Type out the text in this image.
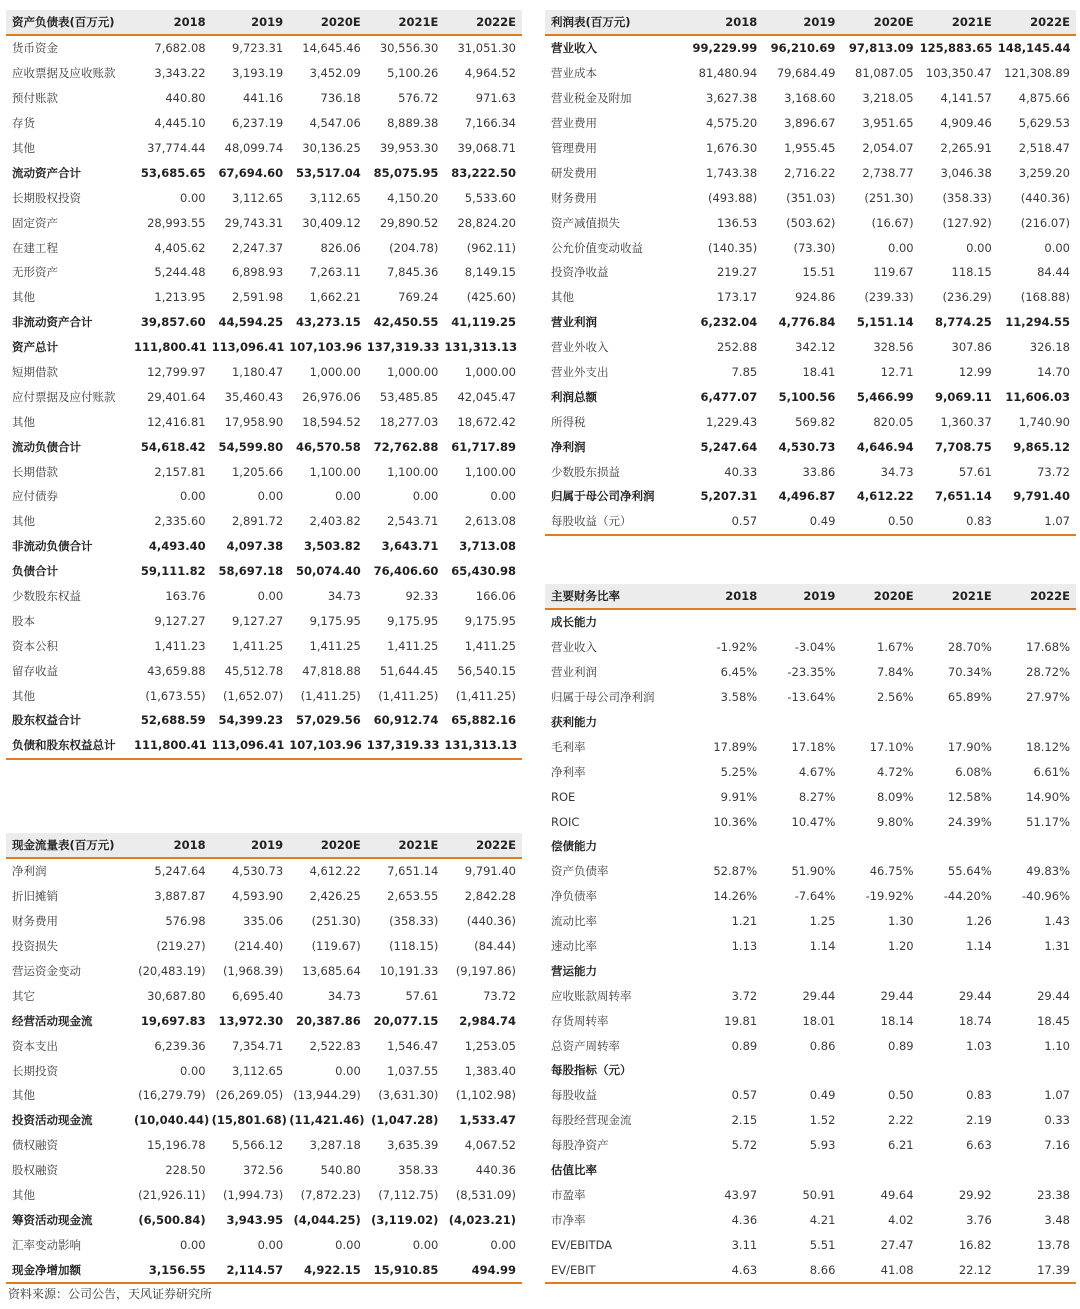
资产负债表(百万元)	2018	2019	2020E	2021E	2022E
货币资金	7,682.08	9,723.31	14,645.46	30,556.30	31,051.30
应收票据及应收账款	3,343.22	3,193.19	3,452.09	5,100.26	4,964.52
预付账款	440.80	441.16	736.18	576.72	971.63
存货	4,445.10	6,237.19	4,547.06	8,889.38	7,166.34
其他	37,774.44	48,099.74	30,136.25	39,953.30	39,068.71
流动资产合计	53,685.65	67,694.60	53,517.04	85,075.95	83,222.50
长期股权投资	0.00	3,112.65	3,112.65	4,150.20	5,533.60
固定资产	28,993.55	29,743.31	30,409.12	29,890.52	28,824.20
在建工程	4,405.62	2,247.37	826.06	(204.78)	(962.11)
无形资产	5,244.48	6,898.93	7,263.11	7,845.36	8,149.15
其他	1,213.95	2,591.98	1,662.21	769.24	(425.60)
非流动资产合计	39,857.60	44,594.25	43,273.15	42,450.55	41,119.25
资产总计	111,800.41	113,096.41	107,103.96	137,319.33	131,313.13
短期借款	12,799.97	1,180.47	1,000.00	1,000.00	1,000.00
应付票据及应付账款	29,401.64	35,460.43	26,976.06	53,485.85	42,045.47
其他	12,416.81	17,958.90	18,594.52	18,277.03	18,672.42
流动负债合计	54,618.42	54,599.80	46,570.58	72,762.88	61,717.89
长期借款	2,157.81	1,205.66	1,100.00	1,100.00	1,100.00
应付债券	0.00	0.00	0.00	0.00	0.00
其他	2,335.60	2,891.72	2,403.82	2,543.71	2,613.08
非流动负债合计	4,493.40	4,097.38	3,503.82	3,643.71	3,713.08
负债合计	59,111.82	58,697.18	50,074.40	76,406.60	65,430.98
少数股东权益	163.76	0.00	34.73	92.33	166.06
股本	9,127.27	9,127.27	9,175.95	9,175.95	9,175.95
资本公积	1,411.23	1,411.25	1,411.25	1,411.25	1,411.25
留存收益	43,659.88	45,512.78	47,818.88	51,644.45	56,540.15
其他	(1,673.55)	(1,652.07)	(1,411.25)	(1,411.25)	(1,411.25)
股东权益合计	52,688.59	54,399.23	57,029.56	60,912.74	65,882.16
负债和股东权益总计	111,800.41	113,096.41	107,103.96	137,319.33	131,313.13
利润表(百万元)	2018	2019	2020E	2021E	2022E
营业收入	99,229.99	96,210.69	97,813.09	125,883.65	148,145.44
营业成本	81,480.94	79,684.49	81,087.05	103,350.47	121,308.89
营业税金及附加	3,627.38	3,168.60	3,218.05	4,141.57	4,875.66
营业费用	4,575.20	3,896.67	3,951.65	4,909.46	5,629.53
管理费用	1,676.30	1,955.45	2,054.07	2,265.91	2,518.47
研发费用	1,743.38	2,716.22	2,738.77	3,046.38	3,259.20
财务费用	(493.88)	(351.03)	(251.30)	(358.33)	(440.36)
资产减值损失	136.53	(503.62)	(16.67)	(127.92)	(216.07)
公允价值变动收益	(140.35)	(73.30)	0.00	0.00	0.00
投资净收益	219.27	15.51	119.67	118.15	84.44
其他	173.17	924.86	(239.33)	(236.29)	(168.88)
营业利润	6,232.04	4,776.84	5,151.14	8,774.25	11,294.55
营业外收入	252.88	342.12	328.56	307.86	326.18
营业外支出	7.85	18.41	12.71	12.99	14.70
利润总额	6,477.07	5,100.56	5,466.99	9,069.11	11,606.03
所得税	1,229.43	569.82	820.05	1,360.37	1,740.90
净利润	5,247.64	4,530.73	4,646.94	7,708.75	9,865.12
少数股东损益	40.33	33.86	34.73	57.61	73.72
归属于母公司净利润	5,207.31	4,496.87	4,612.22	7,651.14	9,791.40
每股收益（元）	0.57	0.49	0.50	0.83	1.07
现金流量表(百万元)	2018	2019	2020E	2021E	2022E
净利润	5,247.64	4,530.73	4,612.22	7,651.14	9,791.40
折旧摊销	3,887.87	4,593.90	2,426.25	2,653.55	2,842.28
财务费用	576.98	335.06	(251.30)	(358.33)	(440.36)
投资损失	(219.27)	(214.40)	(119.67)	(118.15)	(84.44)
营运资金变动	(20,483.19)	(1,968.39)	13,685.64	10,191.33	(9,197.86)
其它	30,687.80	6,695.40	34.73	57.61	73.72
经营活动现金流	19,697.83	13,972.30	20,387.86	20,077.15	2,984.74
资本支出	6,239.36	7,354.71	2,522.83	1,546.47	1,253.05
长期投资	0.00	3,112.65	0.00	1,037.55	1,383.40
其他	(16,279.79)	(26,269.05)	(13,944.29)	(3,631.30)	(1,102.98)
投资活动现金流	(10,040.44)	(15,801.68)	(11,421.46)	(1,047.28)	1,533.47
债权融资	15,196.78	5,566.12	3,287.18	3,635.39	4,067.52
股权融资	228.50	372.56	540.80	358.33	440.36
其他	(21,926.11)	(1,994.73)	(7,872.23)	(7,112.75)	(8,531.09)
筹资活动现金流	(6,500.84)	3,943.95	(4,044.25)	(3,119.02)	(4,023.21)
汇率变动影响	0.00	0.00	0.00	0.00	0.00
现金净增加额	3,156.55	2,114.57	4,922.15	15,910.85	494.99
主要财务比率	2018	2019	2020E	2021E	2022E
成长能力					
营业收入	-1.92%	-3.04%	1.67%	28.70%	17.68%
营业利润	6.45%	-23.35%	7.84%	70.34%	28.72%
归属于母公司净利润	3.58%	-13.64%	2.56%	65.89%	27.97%
获利能力					
毛利率	17.89%	17.18%	17.10%	17.90%	18.12%
净利率	5.25%	4.67%	4.72%	6.08%	6.61%
ROE	9.91%	8.27%	8.09%	12.58%	14.90%
ROIC	10.36%	10.47%	9.80%	24.39%	51.17%
偿债能力					
资产负债率	52.87%	51.90%	46.75%	55.64%	49.83%
净负债率	14.26%	-7.64%	-19.92%	-44.20%	-40.96%
流动比率	1.21	1.25	1.30	1.26	1.43
速动比率	1.13	1.14	1.20	1.14	1.31
营运能力					
应收账款周转率	3.72	29.44	29.44	29.44	29.44
存货周转率	19.81	18.01	18.14	18.74	18.45
总资产周转率	0.89	0.86	0.89	1.03	1.10
每股指标（元）					
每股收益	0.57	0.49	0.50	0.83	1.07
每股经营现金流	2.15	1.52	2.22	2.19	0.33
每股净资产	5.72	5.93	6.21	6.63	7.16
估值比率					
市盈率	43.97	50.91	49.64	29.92	23.38
市净率	4.36	4.21	4.02	3.76	3.48
EV/EBITDA	3.11	5.51	27.47	16.82	13.78
EV/EBIT	4.63	8.66	41.08	22.12	17.39
资料来源：公司公告，天风证券研究所
